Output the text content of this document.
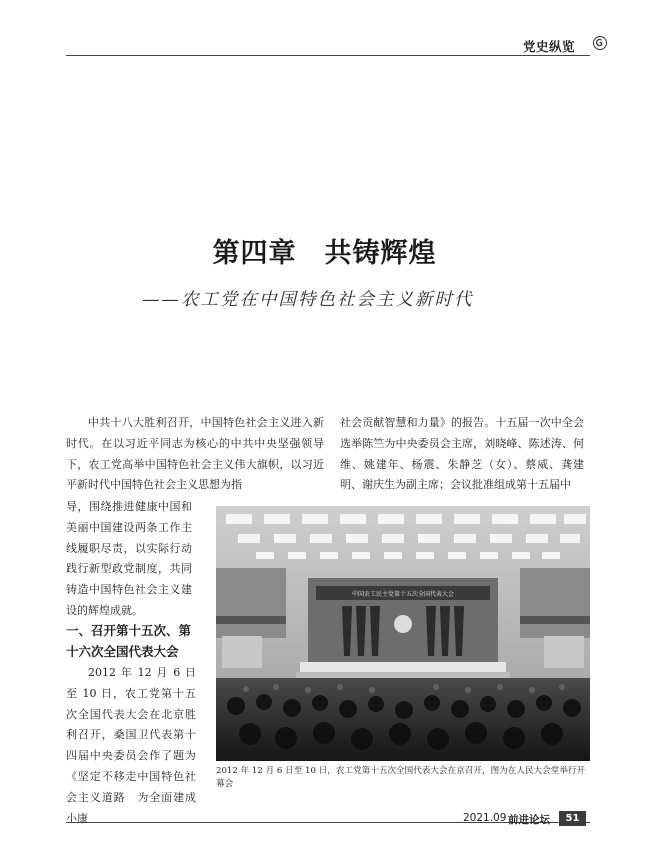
党史纵览
第四章　共铸辉煌
——农工党在中国特色社会主义新时代

中共十八大胜利召开，中国特色社会主义进入新时代。在以习近平同志为核心的中共中央坚强领导下，农工党高举中国特色社会主义伟大旗帜，以习近平新时代中国特色社会主义思想为指

导，围绕推进健康中国和美丽中国建设两条工作主线履职尽责，以实际行动践行新型政党制度，共同铸造中国特色社会主义建设的辉煌成就。

一、召开第十五次、第十六次全国代表大会

2012 年 12 月 6 日 至 10 日，农工党第十五次全国代表大会在北京胜利召开，桑国卫代表第十四届中央委员会作了题为《坚定不移走中国特色社会主义道路　为全面建成小康

社会贡献智慧和力量》的报告。十五届一次中全会选举陈竺为中央委员会主席，刘晓峰、陈述涛、何维、姚建年、杨震、朱静芝（女）、蔡威、龚建明、谢庆生为副主席；会议批准组成第十五届中

中国农工民主党第十五次全国代表大会
2012 年 12 月 6 日至 10 日，农工党第十五次全国代表大会在京召开，图为在人民大会堂举行开幕会
2021.09 前进论坛	51
